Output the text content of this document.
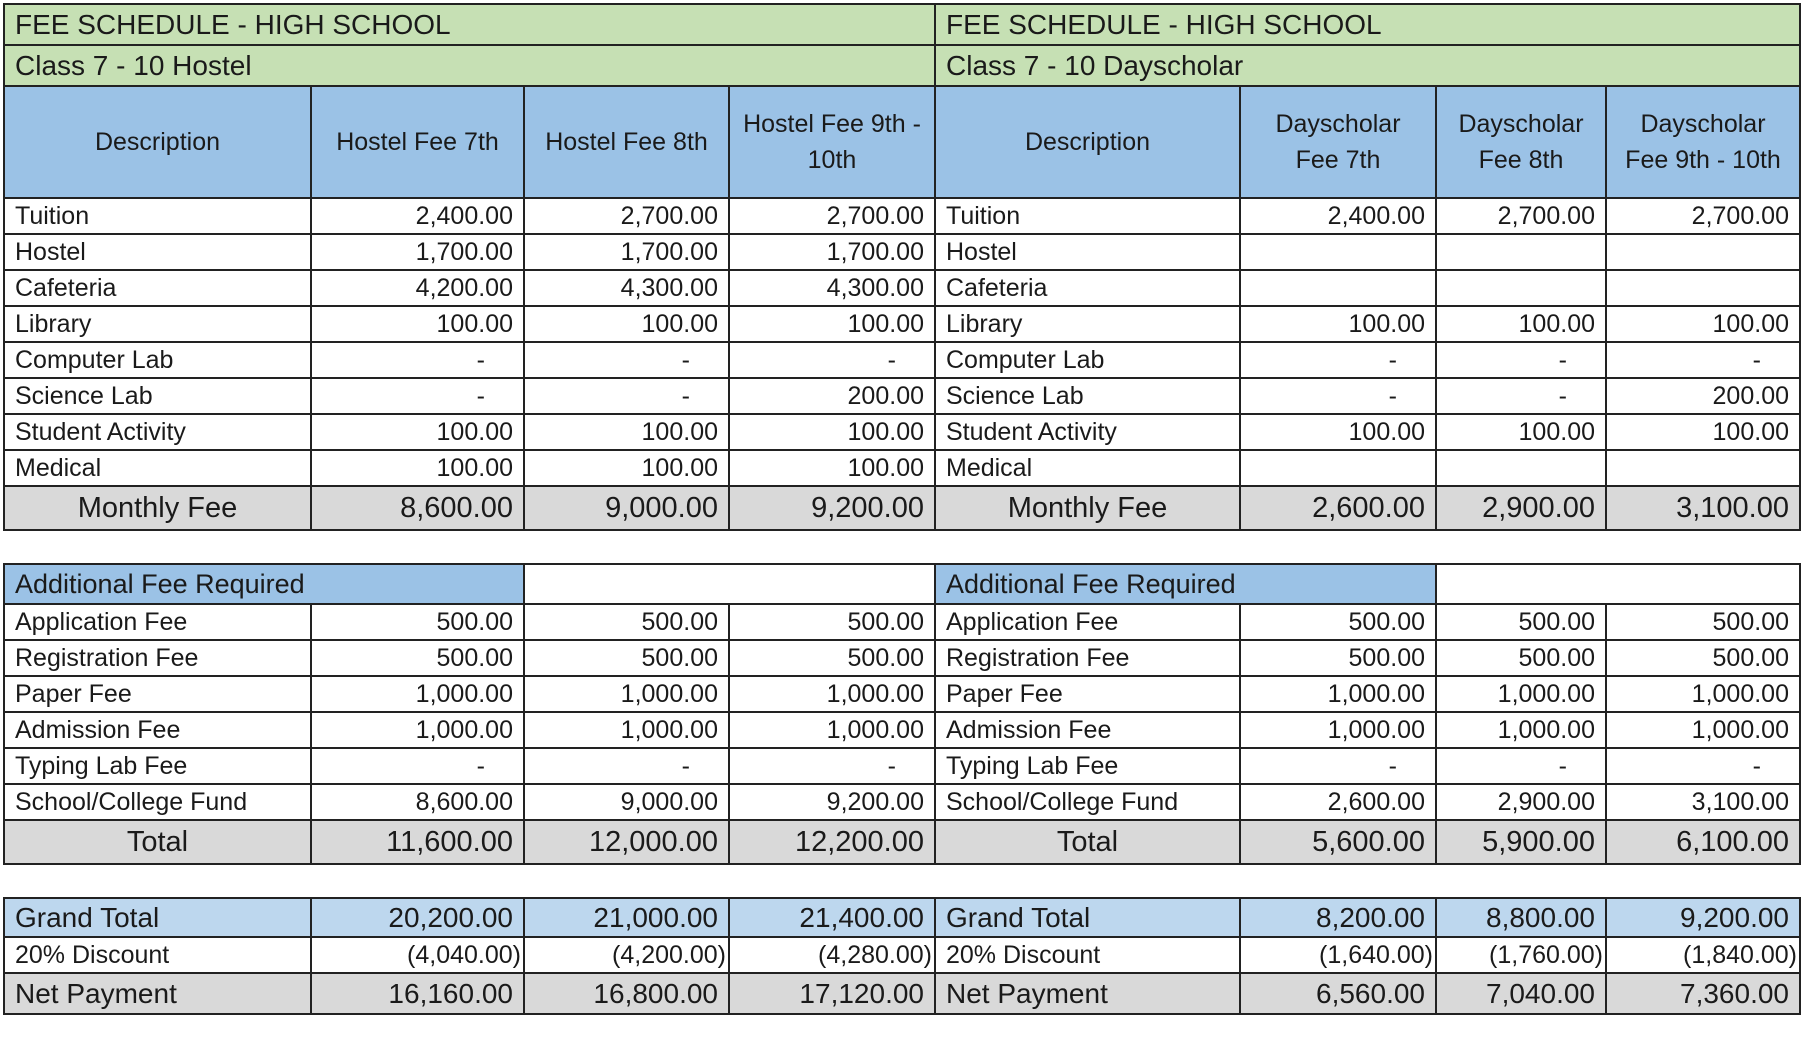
FEE SCHEDULE - HIGH SCHOOL				FEE SCHEDULE - HIGH SCHOOL			
Class 7 - 10 Hostel				Class 7 - 10 Dayscholar			
Description	Hostel Fee 7th	Hostel Fee 8th	Hostel Fee 9th - 10th	Description	Dayscholar Fee 7th	Dayscholar Fee 8th	Dayscholar Fee 9th - 10th
Tuition	2,400.00	2,700.00	2,700.00	Tuition	2,400.00	2,700.00	2,700.00
Hostel	1,700.00	1,700.00	1,700.00	Hostel			
Cafeteria	4,200.00	4,300.00	4,300.00	Cafeteria			
Library	100.00	100.00	100.00	Library	100.00	100.00	100.00
Computer Lab	-	-	-	Computer Lab	-	-	-
Science Lab	-	-	200.00	Science Lab	-	-	200.00
Student Activity	100.00	100.00	100.00	Student Activity	100.00	100.00	100.00
Medical	100.00	100.00	100.00	Medical			
Monthly Fee	8,600.00	9,000.00	9,200.00	Monthly Fee	2,600.00	2,900.00	3,100.00

Additional Fee Required				Additional Fee Required			
Application Fee	500.00	500.00	500.00	Application Fee	500.00	500.00	500.00
Registration Fee	500.00	500.00	500.00	Registration Fee	500.00	500.00	500.00
Paper Fee	1,000.00	1,000.00	1,000.00	Paper Fee	1,000.00	1,000.00	1,000.00
Admission Fee	1,000.00	1,000.00	1,000.00	Admission Fee	1,000.00	1,000.00	1,000.00
Typing Lab Fee	-	-	-	Typing Lab Fee	-	-	-
School/College Fund	8,600.00	9,000.00	9,200.00	School/College Fund	2,600.00	2,900.00	3,100.00
Total	11,600.00	12,000.00	12,200.00	Total	5,600.00	5,900.00	6,100.00

Grand Total	20,200.00	21,000.00	21,400.00	Grand Total	8,200.00	8,800.00	9,200.00
20% Discount	(4,040.00)	(4,200.00)	(4,280.00)	20% Discount	(1,640.00)	(1,760.00)	(1,840.00)
Net Payment	16,160.00	16,800.00	17,120.00	Net Payment	6,560.00	7,040.00	7,360.00
